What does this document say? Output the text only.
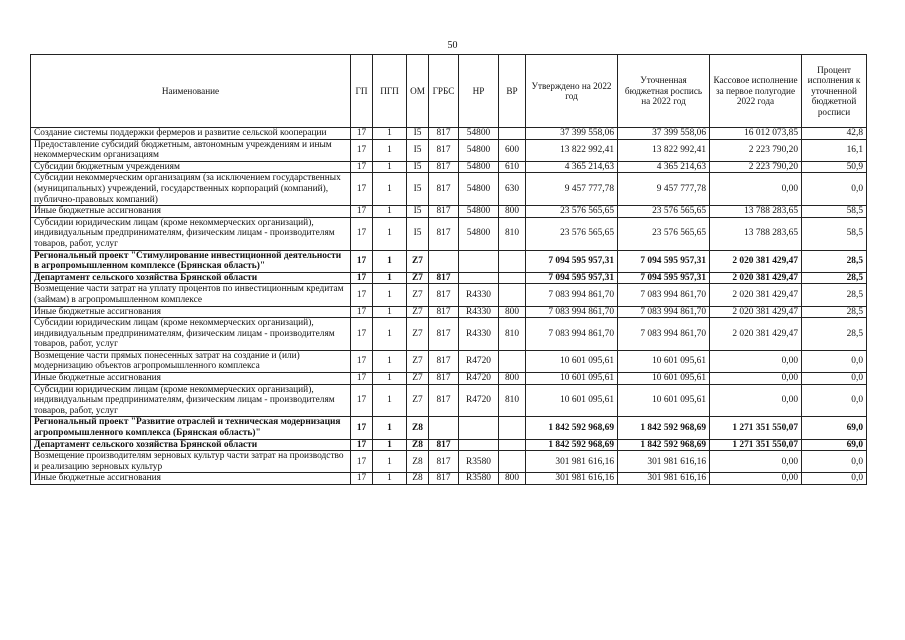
50
Наименование	ГП	ПГП	ОМ	ГРБС	НР	ВР	Утверждено на 2022 год	Уточненная бюджетная роспись на 2022 год	Кассовое исполнение за первое полугодие 2022 года	Процент исполнения к уточненной бюджетной росписи
Создание системы поддержки фермеров и развитие сельской кооперации	17	1	I5	817	54800		37 399 558,06	37 399 558,06	16 012 073,85	42,8
Предоставление субсидий бюджетным, автономным учреждениям и иным некоммерческим организациям	17	1	I5	817	54800	600	13 822 992,41	13 822 992,41	2 223 790,20	16,1
Субсидии бюджетным учреждениям	17	1	I5	817	54800	610	4 365 214,63	4 365 214,63	2 223 790,20	50,9
Субсидии некоммерческим организациям (за исключением государственных (муниципальных) учреждений, государственных корпораций (компаний), публично-правовых компаний)	17	1	I5	817	54800	630	9 457 777,78	9 457 777,78	0,00	0,0
Иные бюджетные ассигнования	17	1	I5	817	54800	800	23 576 565,65	23 576 565,65	13 788 283,65	58,5
Субсидии юридическим лицам (кроме некоммерческих организаций), индивидуальным предпринимателям, физическим лицам - производителям товаров, работ, услуг	17	1	I5	817	54800	810	23 576 565,65	23 576 565,65	13 788 283,65	58,5
Региональный проект "Стимулирование инвестиционной деятельности в агропромышленном комплексе (Брянская область)"	17	1	Z7				7 094 595 957,31	7 094 595 957,31	2 020 381 429,47	28,5
Департамент сельского хозяйства Брянской области	17	1	Z7	817			7 094 595 957,31	7 094 595 957,31	2 020 381 429,47	28,5
Возмещение части затрат на уплату процентов по инвестиционным кредитам (займам) в агропромышленном комплексе	17	1	Z7	817	R4330		7 083 994 861,70	7 083 994 861,70	2 020 381 429,47	28,5
Иные бюджетные ассигнования	17	1	Z7	817	R4330	800	7 083 994 861,70	7 083 994 861,70	2 020 381 429,47	28,5
Субсидии юридическим лицам (кроме некоммерческих организаций), индивидуальным предпринимателям, физическим лицам - производителям товаров, работ, услуг	17	1	Z7	817	R4330	810	7 083 994 861,70	7 083 994 861,70	2 020 381 429,47	28,5
Возмещение части прямых понесенных затрат на создание и (или) модернизацию объектов агропромышленного комплекса	17	1	Z7	817	R4720		10 601 095,61	10 601 095,61	0,00	0,0
Иные бюджетные ассигнования	17	1	Z7	817	R4720	800	10 601 095,61	10 601 095,61	0,00	0,0
Субсидии юридическим лицам (кроме некоммерческих организаций), индивидуальным предпринимателям, физическим лицам - производителям товаров, работ, услуг	17	1	Z7	817	R4720	810	10 601 095,61	10 601 095,61	0,00	0,0
Региональный проект "Развитие отраслей и техническая модернизация агропромышленного комплекса (Брянская область)"	17	1	Z8				1 842 592 968,69	1 842 592 968,69	1 271 351 550,07	69,0
Департамент сельского хозяйства Брянской области	17	1	Z8	817			1 842 592 968,69	1 842 592 968,69	1 271 351 550,07	69,0
Возмещение производителям зерновых культур части затрат на производство и реализацию зерновых культур	17	1	Z8	817	R3580		301 981 616,16	301 981 616,16	0,00	0,0
Иные бюджетные ассигнования	17	1	Z8	817	R3580	800	301 981 616,16	301 981 616,16	0,00	0,0
